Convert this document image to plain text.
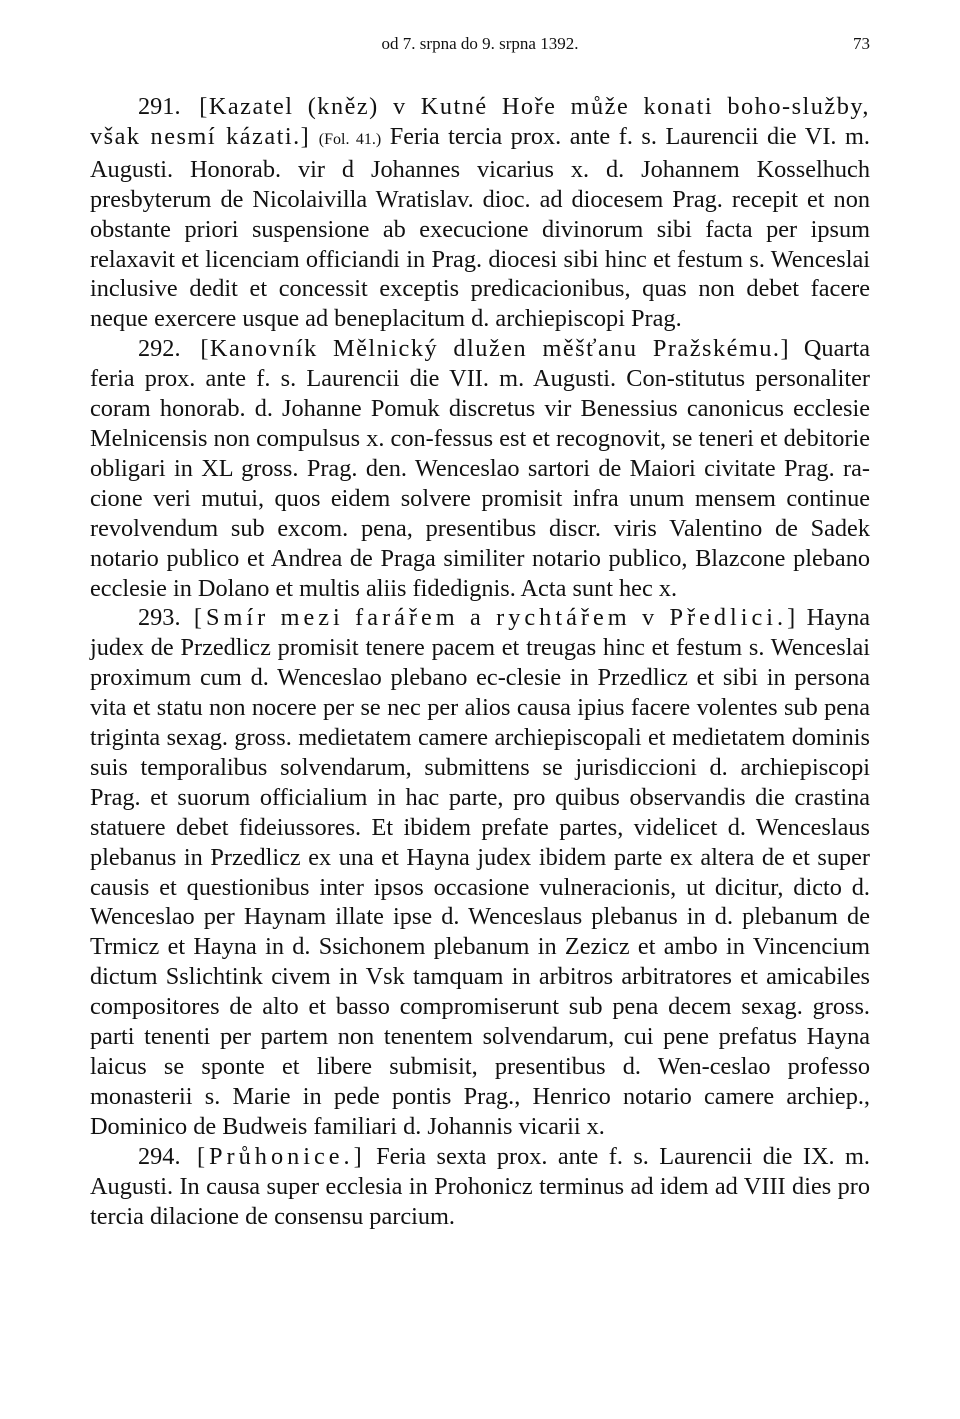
od 7. srpna do 9. srpna 1392.	73

291. [Kazatel (kněz) v Kutné Hoře může konati boho-služby, však nesmí kázati.] (Fol. 41.) Feria tercia prox. ante f. s. Laurencii die VI. m. Augusti. Honorab. vir d Johannes vicarius x. d. Johannem Kosselhuch presbyterum de Nicolaivilla Wratislav. dioc. ad diocesem Prag. recepit et non obstante priori suspensione ab execucione divinorum sibi facta per ipsum relaxavit et licenciam officiandi in Prag. diocesi sibi hinc et festum s. Wenceslai inclusive dedit et concessit exceptis predicacionibus, quas non debet facere neque exercere usque ad beneplacitum d. archiepiscopi Prag.

292. [Kanovník Mělnický dlužen měšťanu Pražskému.] Quarta feria prox. ante f. s. Laurencii die VII. m. Augusti. Con-stitutus personaliter coram honorab. d. Johanne Pomuk discretus vir Benessius canonicus ecclesie Melnicensis non compulsus x. con-fessus est et recognovit, se teneri et debitorie obligari in XL gross. Prag. den. Wenceslao sartori de Maiori civitate Prag. ra-cione veri mutui, quos eidem solvere promisit infra unum mensem continue revolvendum sub excom. pena, presentibus discr. viris Valentino de Sadek notario publico et Andrea de Praga similiter notario publico, Blazcone plebano ecclesie in Dolano et multis aliis fidedignis. Acta sunt hec x.

293. [Smír mezi farářem a rychtářem v Předlici.] Hayna judex de Przedlicz promisit tenere pacem et treugas hinc et festum s. Wenceslai proximum cum d. Wenceslao plebano ec-clesie in Przedlicz et sibi in persona vita et statu non nocere per se nec per alios causa ipius facere volentes sub pena triginta sexag. gross. medietatem camere archiepiscopali et medietatem dominis suis temporalibus solvendarum, submittens se jurisdiccioni d. archiepiscopi Prag. et suorum officialium in hac parte, pro quibus observandis die crastina statuere debet fideiussores. Et ibidem prefate partes, videlicet d. Wenceslaus plebanus in Przedlicz ex una et Hayna judex ibidem parte ex altera de et super causis et questionibus inter ipsos occasione vulneracionis, ut dicitur, dicto d. Wenceslao per Haynam illate ipse d. Wenceslaus plebanus in d. plebanum de Trmicz et Hayna in d. Ssichonem plebanum in Zezicz et ambo in Vincencium dictum Sslichtink civem in Vsk tamquam in arbitros arbitratores et amicabiles compositores de alto et basso compromiserunt sub pena decem sexag. gross. parti tenenti per partem non tenentem solvendarum, cui pene prefatus Hayna laicus se sponte et libere submisit, presentibus d. Wen-ceslao professo monasterii s. Marie in pede pontis Prag., Henrico notario camere archiep., Dominico de Budweis familiari d. Johannis vicarii x.

294. [Průhonice.] Feria sexta prox. ante f. s. Laurencii die IX. m. Augusti. In causa super ecclesia in Prohonicz terminus ad idem ad VIII dies pro tercia dilacione de consensu parcium.
